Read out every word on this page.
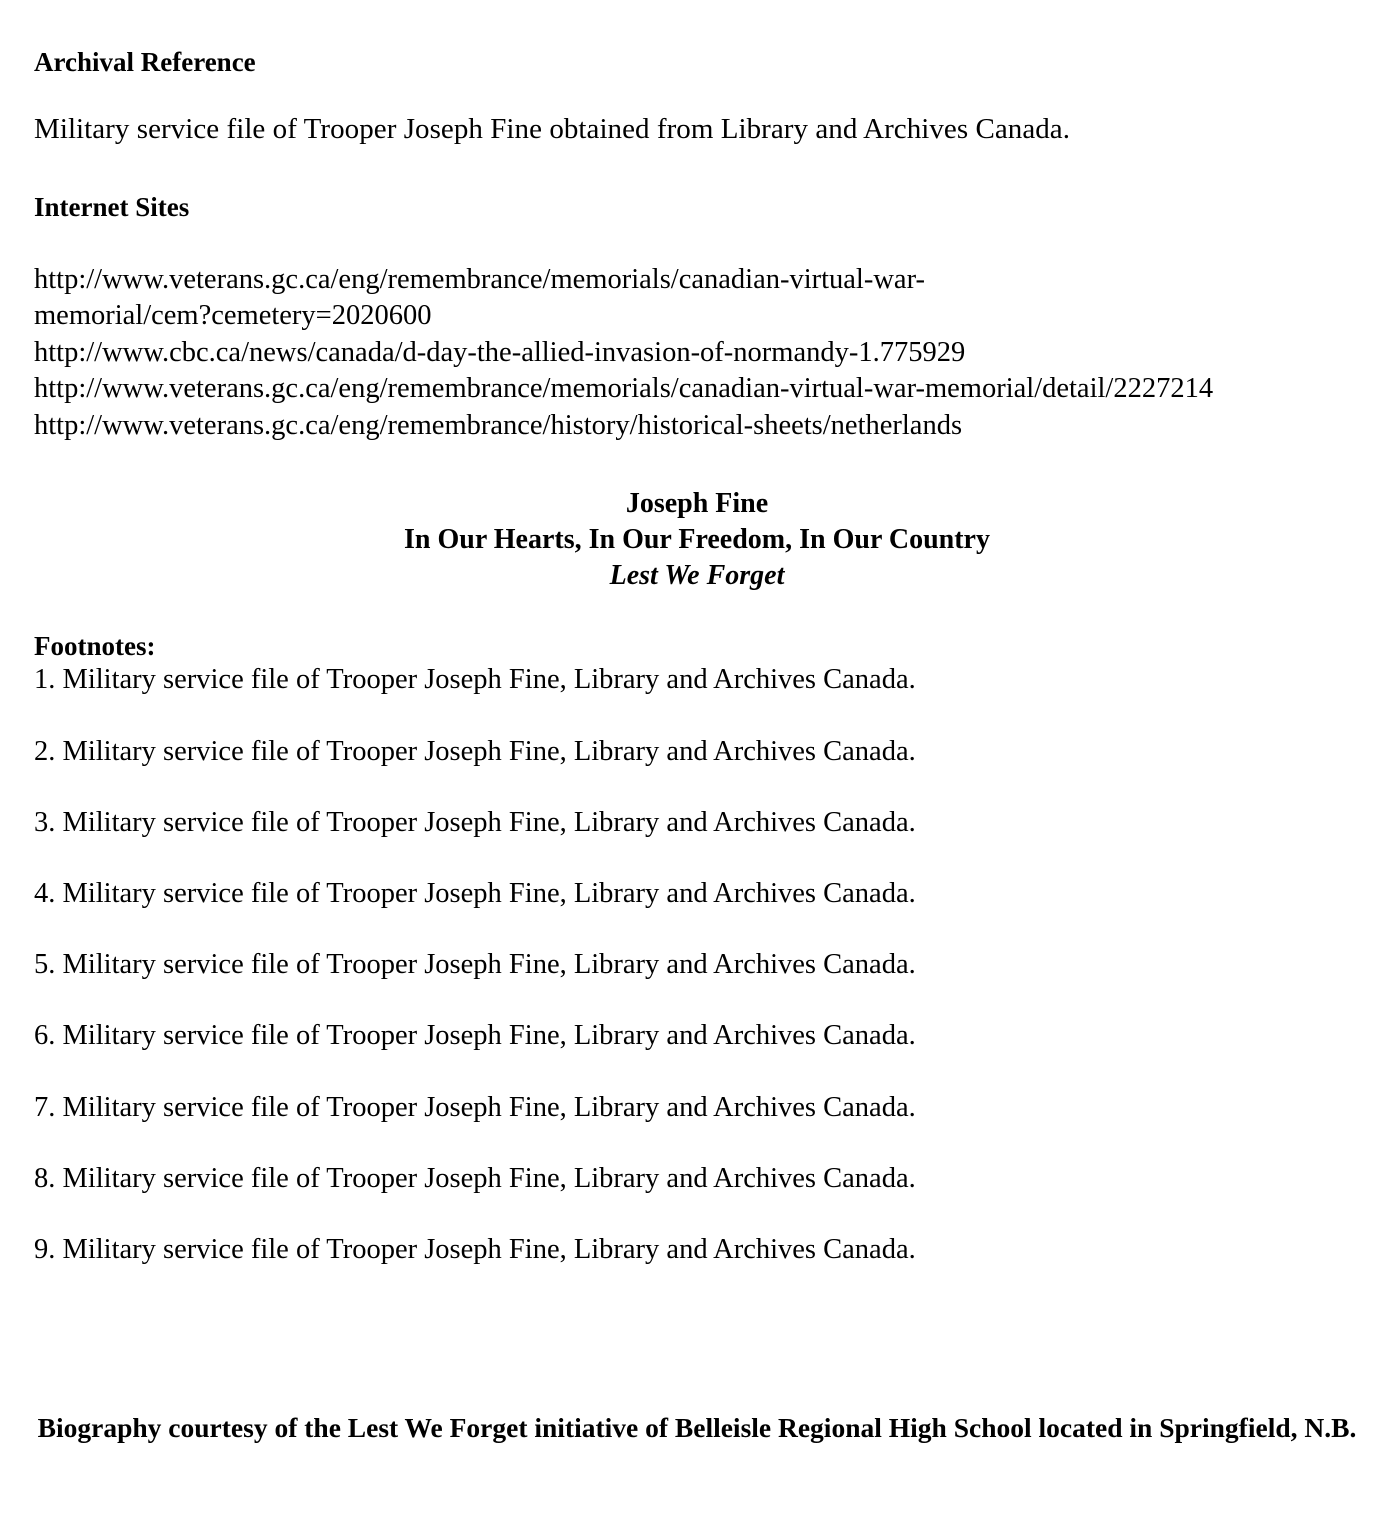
Archival Reference

Military service file of Trooper Joseph Fine obtained from Library and Archives Canada.

Internet Sites

http://www.veterans.gc.ca/eng/remembrance/memorials/canadian-virtual-war-memorial/cem?cemetery=2020600

http://www.cbc.ca/news/canada/d-day-the-allied-invasion-of-normandy-1.775929

http://www.veterans.gc.ca/eng/remembrance/memorials/canadian-virtual-war-memorial/detail/2227214

http://www.veterans.gc.ca/eng/remembrance/history/historical-sheets/netherlands

Joseph Fine

In Our Hearts, In Our Freedom, In Our Country

Lest We Forget

Footnotes:

1. Military service file of Trooper Joseph Fine, Library and Archives Canada.

2. Military service file of Trooper Joseph Fine, Library and Archives Canada.

3. Military service file of Trooper Joseph Fine, Library and Archives Canada.

4. Military service file of Trooper Joseph Fine, Library and Archives Canada.

5. Military service file of Trooper Joseph Fine, Library and Archives Canada.

6. Military service file of Trooper Joseph Fine, Library and Archives Canada.

7. Military service file of Trooper Joseph Fine, Library and Archives Canada.

8. Military service file of Trooper Joseph Fine, Library and Archives Canada.

9. Military service file of Trooper Joseph Fine, Library and Archives Canada.

Biography courtesy of the Lest We Forget initiative of Belleisle Regional High School located in Springfield, N.B.
